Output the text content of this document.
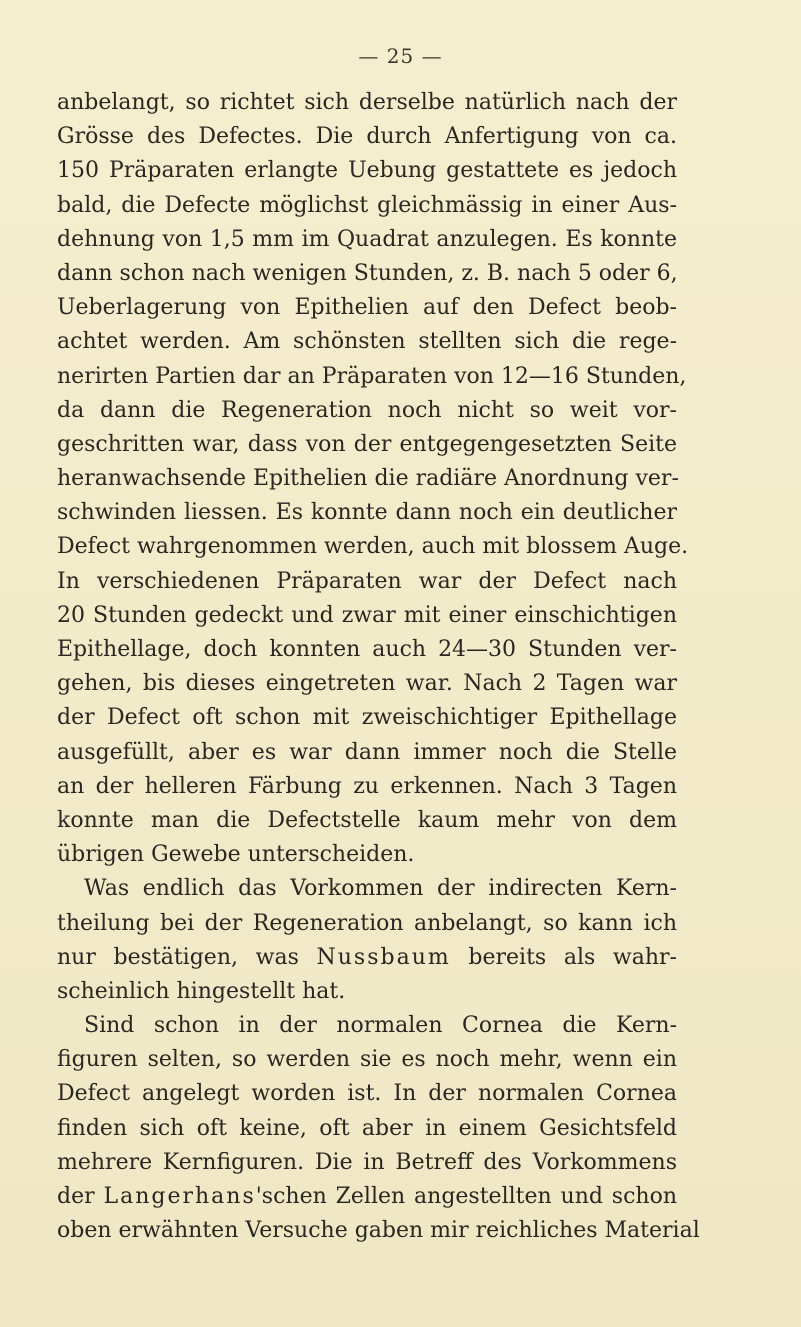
— 25 —
anbelangt, so richtet sich derselbe natürlich nach der
Grösse des Defectes. Die durch Anfertigung von ca.
150 Präparaten erlangte Uebung gestattete es jedoch
bald, die Defecte möglichst gleichmässig in einer Aus-
dehnung von 1,5 mm im Quadrat anzulegen. Es konnte
dann schon nach wenigen Stunden, z. B. nach 5 oder 6,
Ueberlagerung von Epithelien auf den Defect beob-
achtet werden. Am schönsten stellten sich die rege-
nerirten Partien dar an Präparaten von 12—16 Stunden,
da dann die Regeneration noch nicht so weit vor-
geschritten war, dass von der entgegengesetzten Seite
heranwachsende Epithelien die radiäre Anordnung ver-
schwinden liessen. Es konnte dann noch ein deutlicher
Defect wahrgenommen werden, auch mit blossem Auge.
In verschiedenen Präparaten war der Defect nach
20 Stunden gedeckt und zwar mit einer einschichtigen
Epithellage, doch konnten auch 24—30 Stunden ver-
gehen, bis dieses eingetreten war. Nach 2 Tagen war
der Defect oft schon mit zweischichtiger Epithellage
ausgefüllt, aber es war dann immer noch die Stelle
an der helleren Färbung zu erkennen. Nach 3 Tagen
konnte man die Defectstelle kaum mehr von dem
übrigen Gewebe unterscheiden.
Was endlich das Vorkommen der indirecten Kern-
theilung bei der Regeneration anbelangt, so kann ich
nur bestätigen, was Nussbaum bereits als wahr-
scheinlich hingestellt hat.
Sind schon in der normalen Cornea die Kern-
figuren selten, so werden sie es noch mehr, wenn ein
Defect angelegt worden ist. In der normalen Cornea
finden sich oft keine, oft aber in einem Gesichtsfeld
mehrere Kernfiguren. Die in Betreff des Vorkommens
der Langerhans'schen Zellen angestellten und schon
oben erwähnten Versuche gaben mir reichliches Material
